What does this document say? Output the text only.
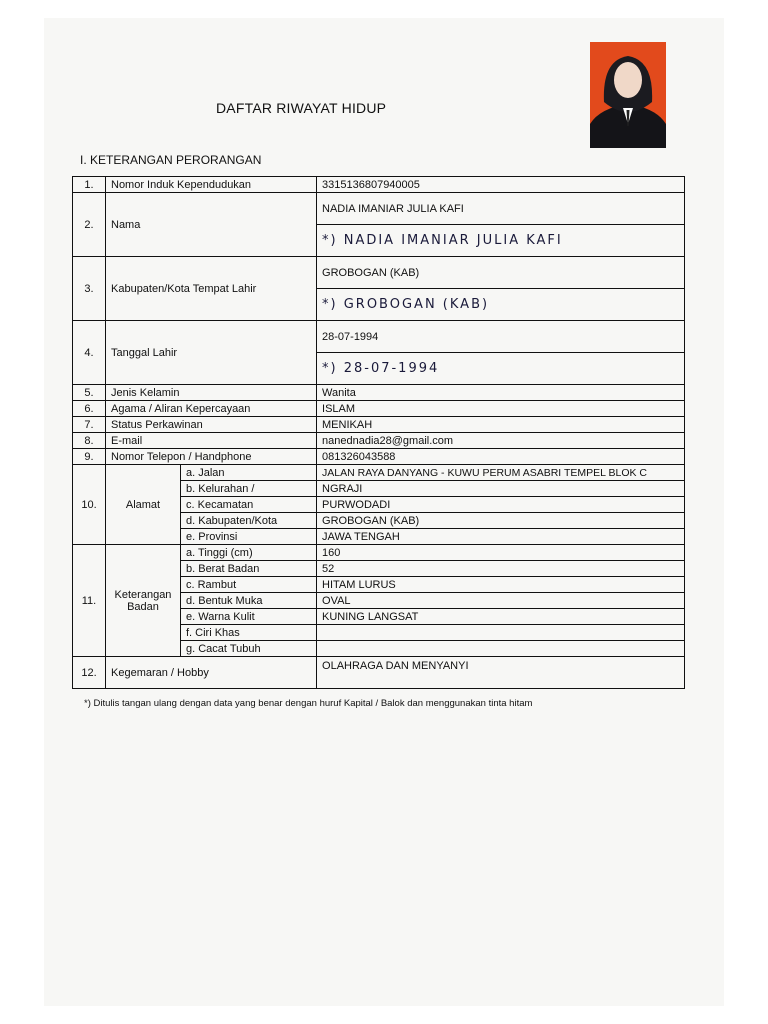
DAFTAR RIWAYAT HIDUP
I. KETERANGAN PERORANGAN
1.	Nomor Induk Kependudukan		3315136807940005
2.	Nama		NADIA IMANIAR JULIA KAFI
			*) NADIA IMANIAR JULIA KAFI
3.	Kabupaten/Kota Tempat Lahir		GROBOGAN (KAB)
			*) GROBOGAN (KAB)
4.	Tanggal Lahir		28-07-1994
			*) 28-07-1994
5.	Jenis Kelamin		Wanita
6.	Agama / Aliran Kepercayaan		ISLAM
7.	Status Perkawinan		MENIKAH
8.	E-mail		nanednadia28@gmail.com
9.	Nomor Telepon / Handphone		081326043588
10.	Alamat	a. Jalan	JALAN RAYA DANYANG - KUWU PERUM ASABRI TEMPEL BLOK C
		b. Kelurahan /	NGRAJI
		c. Kecamatan	PURWODADI
		d. Kabupaten/Kota	GROBOGAN (KAB)
		e. Provinsi	JAWA TENGAH
11.	Keterangan Badan	a. Tinggi (cm)	160
		b. Berat Badan	52
		c. Rambut	HITAM LURUS
		d. Bentuk Muka	OVAL
		e. Warna Kulit	KUNING LANGSAT
		f. Ciri Khas	
		g. Cacat Tubuh	
12.	Kegemaran / Hobby		OLAHRAGA DAN MENYANYI
*) Ditulis tangan ulang dengan data yang benar dengan huruf Kapital / Balok dan menggunakan tinta hitam
